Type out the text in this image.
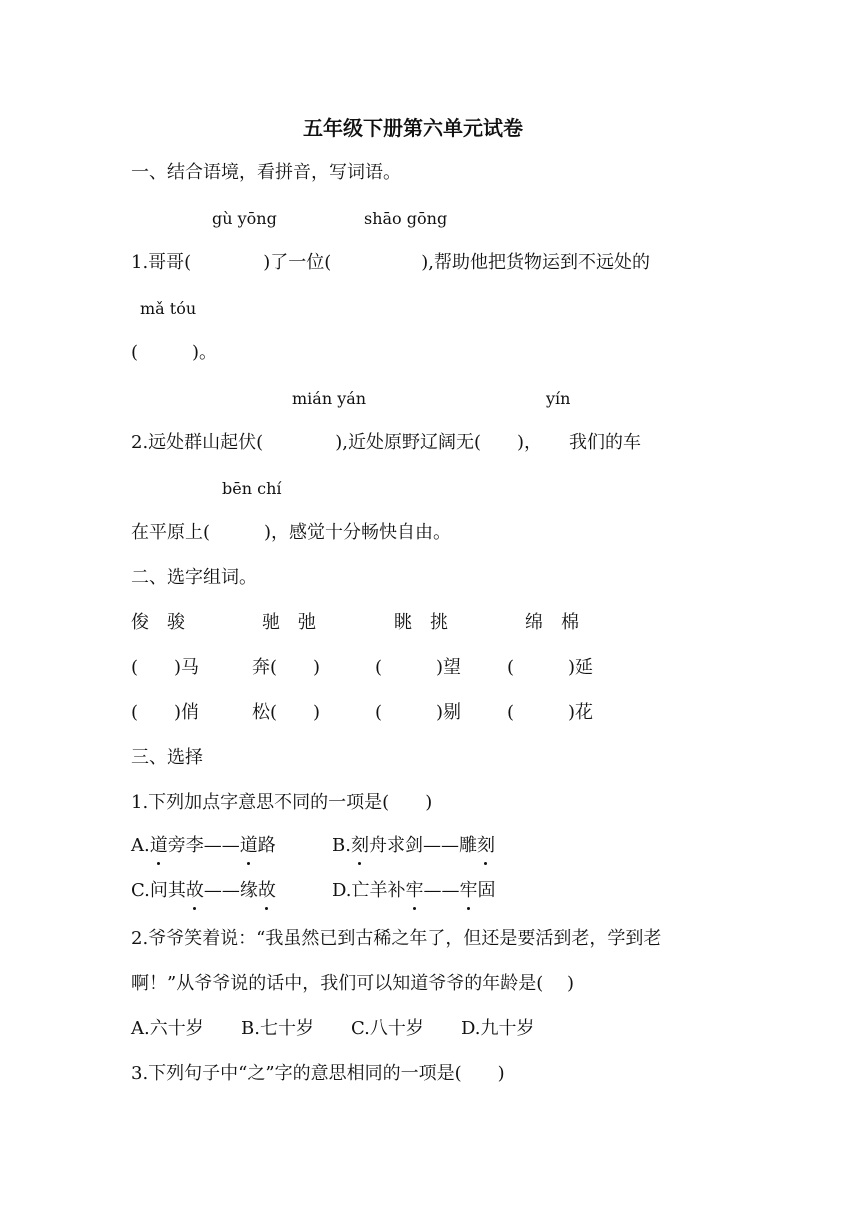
五年级下册第六单元试卷
一、结合语境，看拼音，写词语。
gù yōng	shāo gōng
1.哥哥(　　　　)了一位(　　　　　),帮助他把货物运到不远处的
mǎ tóu
(　　　)。
mián yán	yín
2.远处群山起伏(　　　　),近处原野辽阔无(　　)，　　我们的车
bēn chí
在平原上(　　　)，感觉十分畅快自由。
二、选字组词。
俊　骏	驰　弛	眺　挑	绵　棉
(　　)马	奔(　　)	(　　　)望	(　　　)延
(　　)俏	松(　　)	(　　　)剔	(　　　)花
三、选择
1.下列加点字意思不同的一项是(　　)
A.道旁李——道路	B.刻舟求剑——雕刻
C.问其故——缘故	D.亡羊补牢——牢固
2.爷爷笑着说：“我虽然已到古稀之年了，但还是要活到老，学到老
啊！”从爷爷说的话中，我们可以知道爷爷的年龄是(　 )
A.六十岁 B.七十岁 C.八十岁 D.九十岁
3.下列句子中“之”字的意思相同的一项是(　　)
